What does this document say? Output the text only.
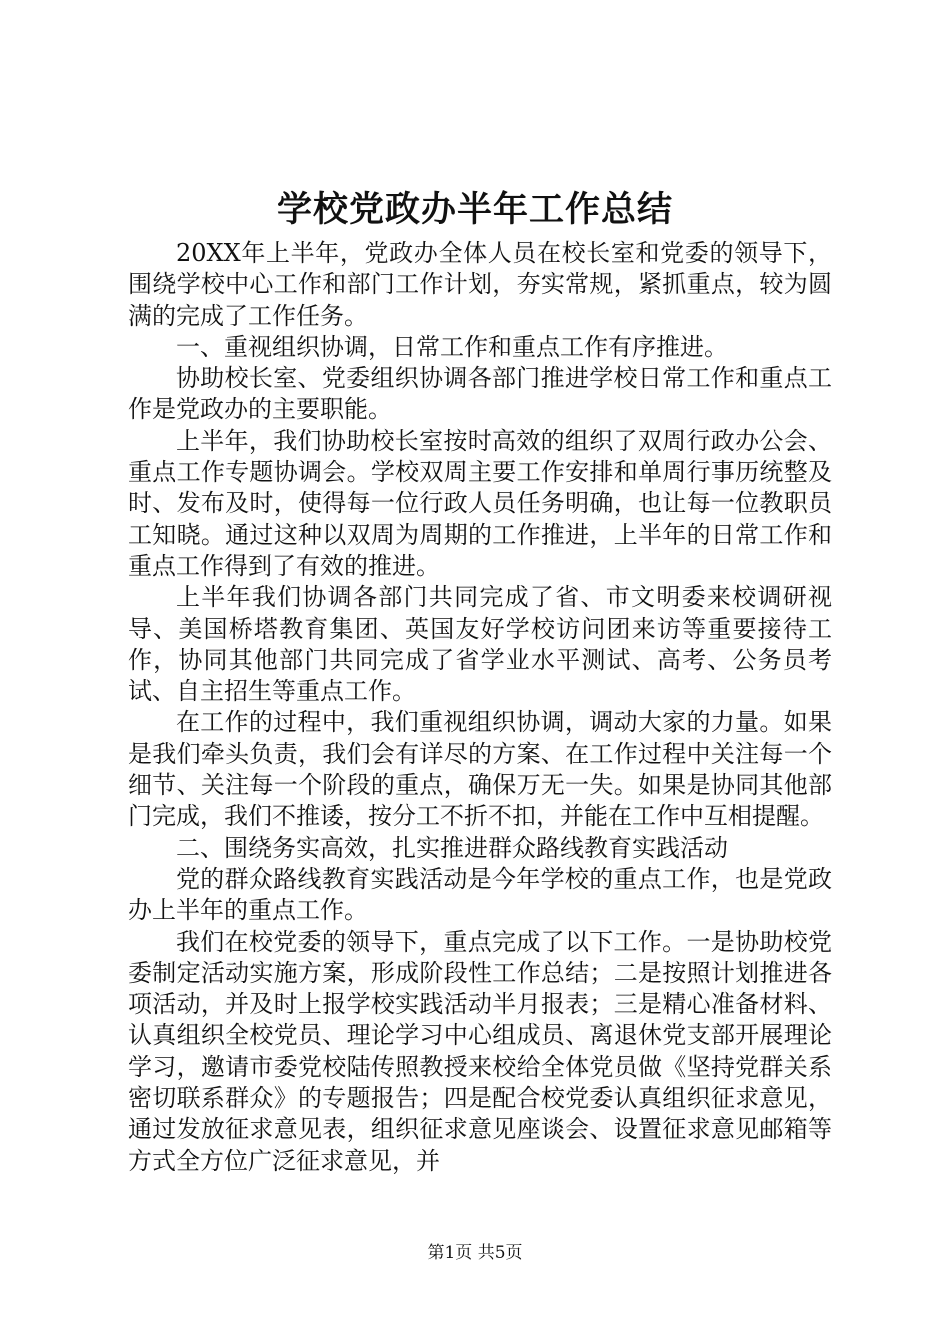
学校党政办半年工作总结

20XX年上半年，党政办全体人员在校长室和党委的领导下，围绕学校中心工作和部门工作计划，夯实常规，紧抓重点，较为圆满的完成了工作任务。

一、重视组织协调，日常工作和重点工作有序推进。

协助校长室、党委组织协调各部门推进学校日常工作和重点工作是党政办的主要职能。

上半年，我们协助校长室按时高效的组织了双周行政办公会、重点工作专题协调会。学校双周主要工作安排和单周行事历统整及时、发布及时，使得每一位行政人员任务明确，也让每一位教职员工知晓。通过这种以双周为周期的工作推进，上半年的日常工作和重点工作得到了有效的推进。

上半年我们协调各部门共同完成了省、市文明委来校调研视导、美国桥塔教育集团、英国友好学校访问团来访等重要接待工作，协同其他部门共同完成了省学业水平测试、高考、公务员考试、自主招生等重点工作。

在工作的过程中，我们重视组织协调，调动大家的力量。如果是我们牵头负责，我们会有详尽的方案、在工作过程中关注每一个细节、关注每一个阶段的重点，确保万无一失。如果是协同其他部门完成，我们不推诿，按分工不折不扣，并能在工作中互相提醒。

二、围绕务实高效，扎实推进群众路线教育实践活动

党的群众路线教育实践活动是今年学校的重点工作，也是党政办上半年的重点工作。

我们在校党委的领导下，重点完成了以下工作。一是协助校党委制定活动实施方案，形成阶段性工作总结；二是按照计划推进各项活动，并及时上报学校实践活动半月报表；三是精心准备材料、认真组织全校党员、理论学习中心组成员、离退休党支部开展理论学习，邀请市委党校陆传照教授来校给全体党员做《坚持党群关系密切联系群众》的专题报告；四是配合校党委认真组织征求意见，通过发放征求意见表，组织征求意见座谈会、设置征求意见邮箱等方式全方位广泛征求意见，并

第1页 共5页
